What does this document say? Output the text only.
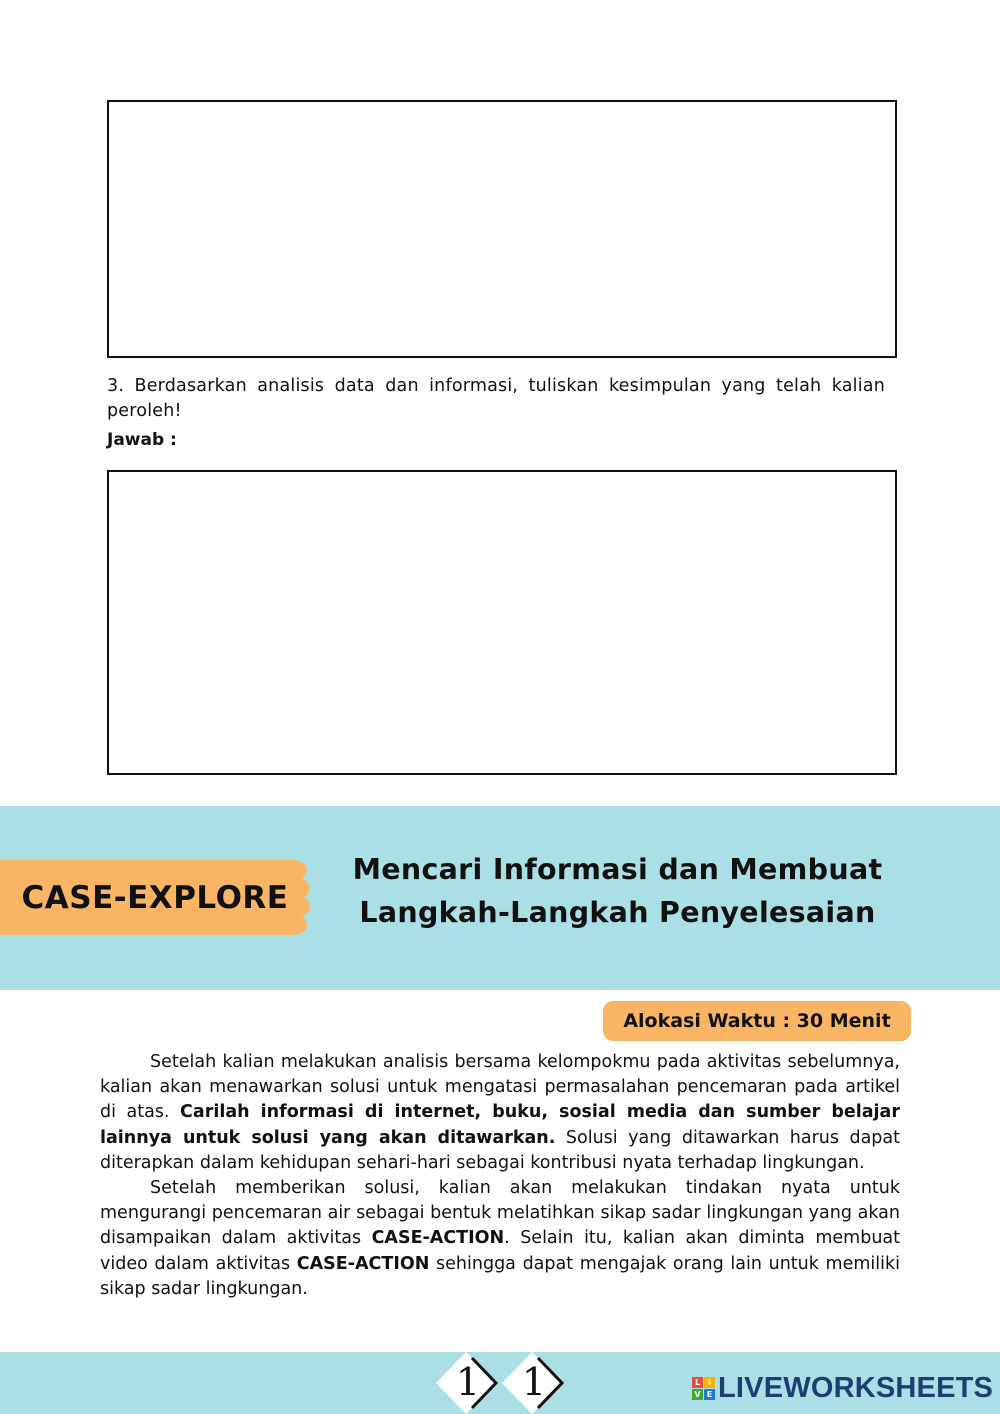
3. Berdasarkan analisis data dan informasi, tuliskan kesimpulan yang telah kalian peroleh!
Jawab :
CASE-EXPLORE
Mencari Informasi dan Membuat
Langkah-Langkah Penyelesaian
Alokasi Waktu : 30 Menit

Setelah kalian melakukan analisis bersama kelompokmu pada aktivitas sebelumnya, kalian akan menawarkan solusi untuk mengatasi permasalahan pencemaran pada artikel di atas. Carilah informasi di internet, buku, sosial media dan sumber belajar lainnya untuk solusi yang akan ditawarkan. Solusi yang ditawarkan harus dapat diterapkan dalam kehidupan sehari-hari sebagai kontribusi nyata terhadap lingkungan.

Setelah memberikan solusi, kalian akan melakukan tindakan nyata untuk mengurangi pencemaran air sebagai bentuk melatihkan sikap sadar lingkungan yang akan disampaikan dalam aktivitas CASE-ACTION. Selain itu, kalian akan diminta membuat video dalam aktivitas CASE-ACTION sehingga dapat mengajak orang lain untuk memiliki sikap sadar lingkungan.

1 1	L I
V E LIVEWORKSHEETS
